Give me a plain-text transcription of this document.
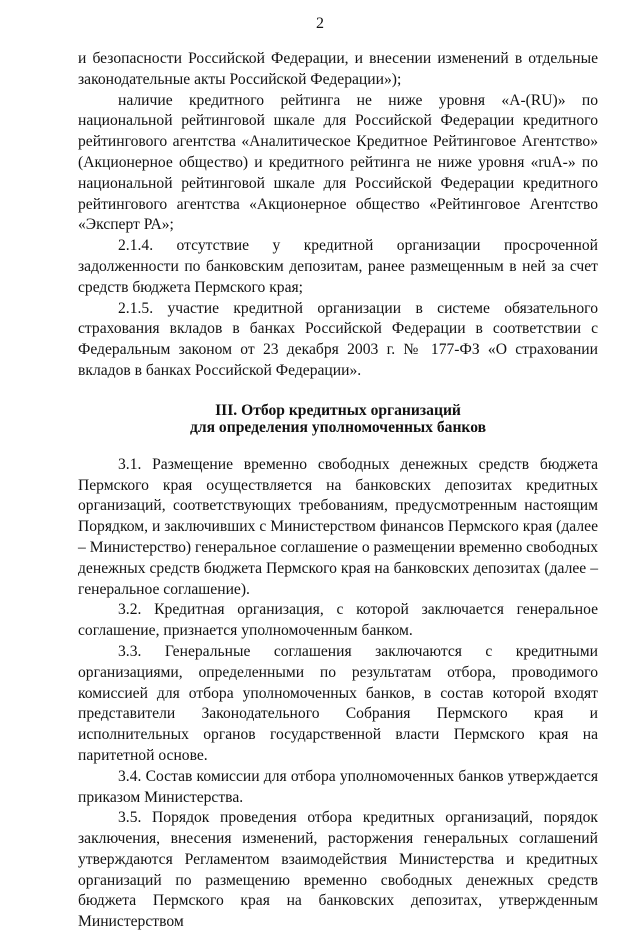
2

и безопасности Российской Федерации, и внесении изменений в отдельные законодательные акты Российской Федерации»);

наличие кредитного рейтинга не ниже уровня «A-(RU)» по национальной рейтинговой шкале для Российской Федерации кредитного рейтингового агентства «Аналитическое Кредитное Рейтинговое Агентство» (Акционерное общество) и кредитного рейтинга не ниже уровня «ruA-» по национальной рейтинговой шкале для Российской Федерации кредитного рейтингового агентства «Акционерное общество «Рейтинговое Агентство «Эксперт РА»;

2.1.4. отсутствие у кредитной организации просроченной задолженности по банковским депозитам, ранее размещенным в ней за счет средств бюджета Пермского края;

2.1.5. участие кредитной организации в системе обязательного страхования вкладов в банках Российской Федерации в соответствии с Федеральным законом от 23 декабря 2003 г. № 177-ФЗ «О страховании вкладов в банках Российской Федерации».

III. Отбор кредитных организаций
для определения уполномоченных банков

3.1. Размещение временно свободных денежных средств бюджета Пермского края осуществляется на банковских депозитах кредитных организаций, соответствующих требованиям, предусмотренным настоящим Порядком, и заключивших с Министерством финансов Пермского края (далее – Министерство) генеральное соглашение о размещении временно свободных денежных средств бюджета Пермского края на банковских депозитах (далее – генеральное соглашение).

3.2. Кредитная организация, с которой заключается генеральное соглашение, признается уполномоченным банком.

3.3. Генеральные соглашения заключаются с кредитными организациями, определенными по результатам отбора, проводимого комиссией для отбора уполномоченных банков, в состав которой входят представители Законодательного Собрания Пермского края и исполнительных органов государственной власти Пермского края на паритетной основе.

3.4. Состав комиссии для отбора уполномоченных банков утверждается приказом Министерства.

3.5. Порядок проведения отбора кредитных организаций, порядок заключения, внесения изменений, расторжения генеральных соглашений утверждаются Регламентом взаимодействия Министерства и кредитных организаций по размещению временно свободных денежных средств бюджета Пермского края на банковских депозитах, утвержденным Министерством
